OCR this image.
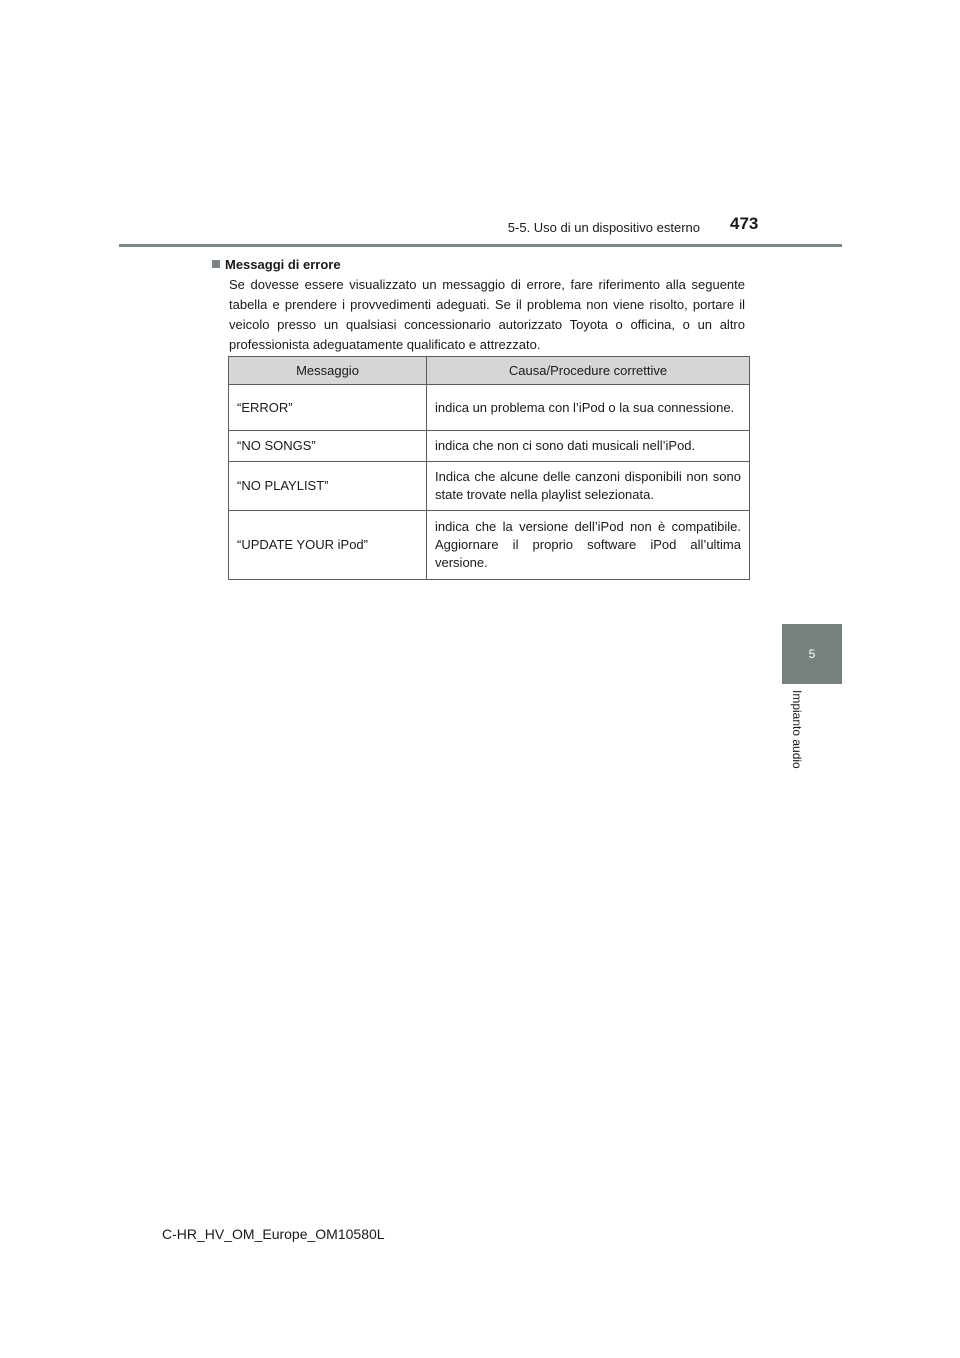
5-5. Uso di un dispositivo esterno 473
5
Impianto audio
Messaggi di errore
Se dovesse essere visualizzato un messaggio di errore, fare riferimento alla seguente tabella e prendere i provvedimenti adeguati. Se il problema non viene risolto, portare il veicolo presso un qualsiasi concessionario autorizzato Toyota o officina, o un altro professionista adeguatamente qualificato e attrezzato.
Messaggio	Causa/Procedure correttive
“ERROR”	indica un problema con l’iPod o la sua connessione.
“NO SONGS”	indica che non ci sono dati musicali nell’iPod.
“NO PLAYLIST”	Indica che alcune delle canzoni disponibili non sono state trovate nella playlist selezionata.
“UPDATE YOUR iPod”	indica che la versione dell’iPod non è compatibile. Aggiornare il proprio software iPod all’ultima versione.
C-HR_HV_OM_Europe_OM10580L
